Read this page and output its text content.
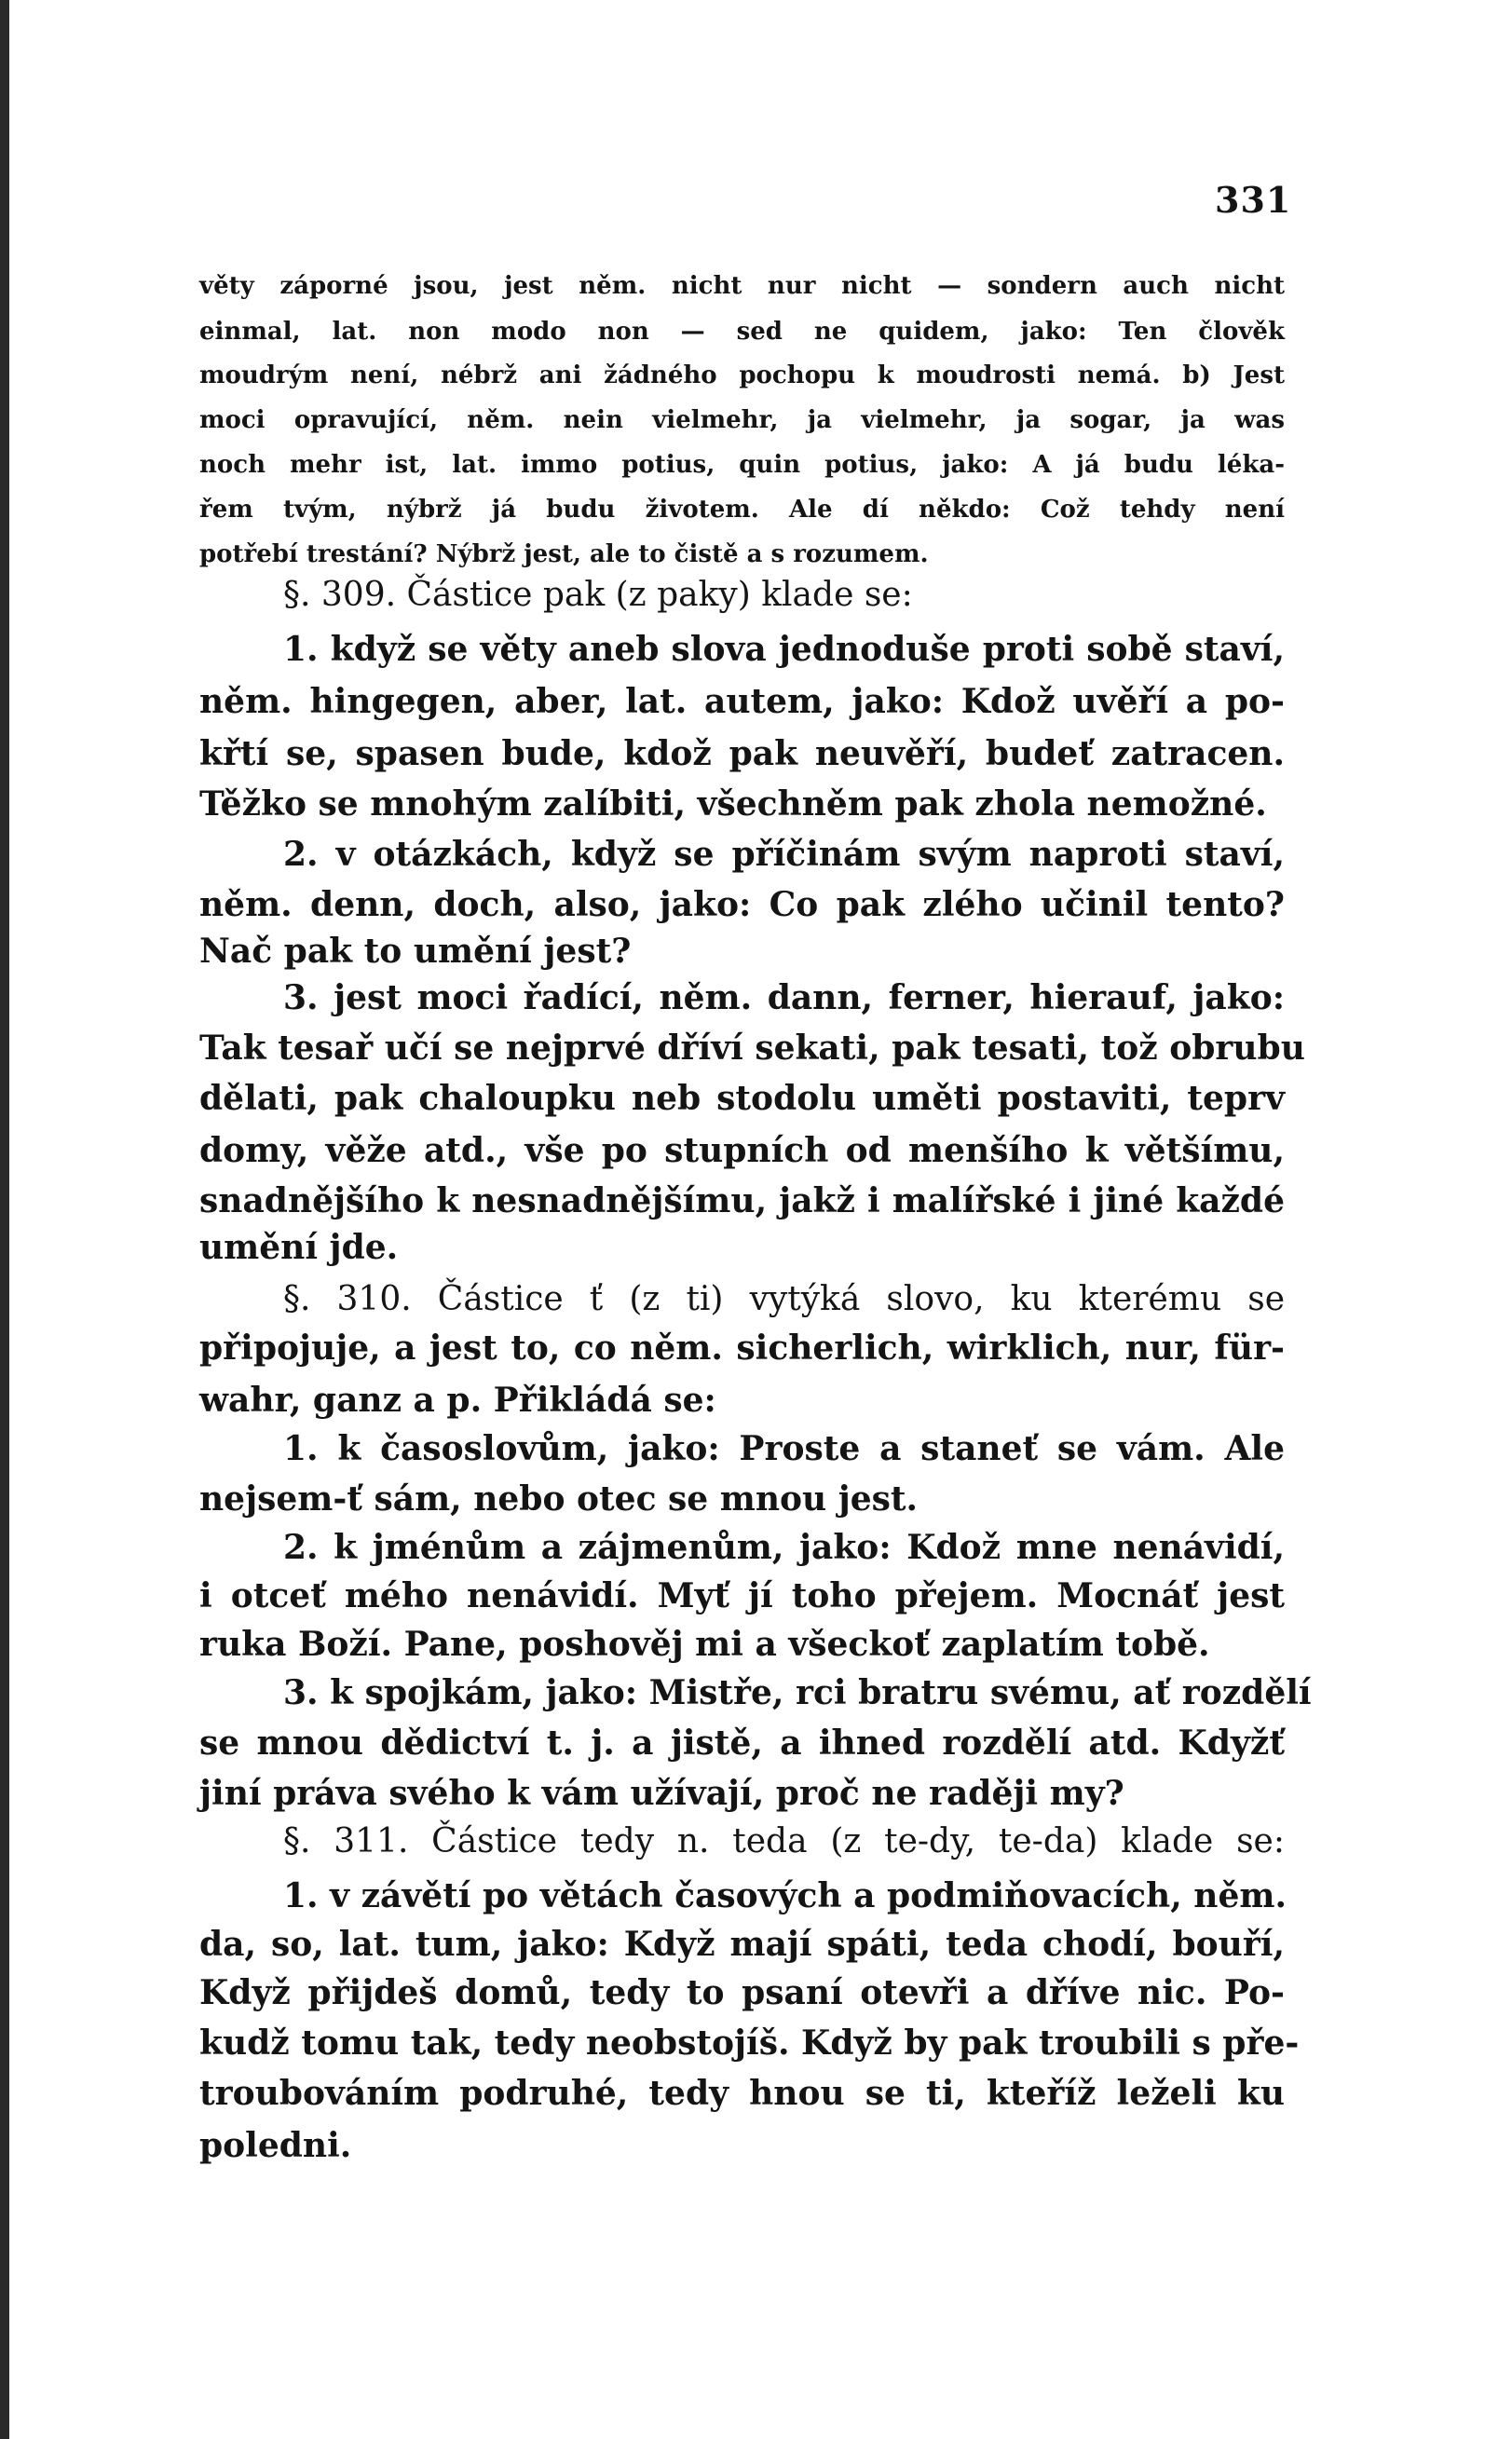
331
věty záporné jsou, jest něm. nicht nur nicht — sondern auch nicht
einmal, lat. non modo non — sed ne quidem, jako: Ten člověk
moudrým není, nébrž ani žádného pochopu k moudrosti nemá. b) Jest
moci opravující, něm. nein vielmehr, ja vielmehr, ja sogar, ja was
noch mehr ist, lat. immo potius, quin potius, jako: A já budu léka-
řem tvým, nýbrž já budu životem. Ale dí někdo: Což tehdy není
potřebí trestání? Nýbrž jest, ale to čistě a s rozumem.
§. 309. Částice pak (z paky) klade se:
1. když se věty aneb slova jednoduše proti sobě staví,
něm. hingegen, aber, lat. autem, jako: Kdož uvěří a po-
křtí se, spasen bude, kdož pak neuvěří, budeť zatracen.
Těžko se mnohým zalíbiti, všechněm pak zhola nemožné.
2. v otázkách, když se příčinám svým naproti staví,
něm. denn, doch, also, jako: Co pak zlého učinil tento?
Nač pak to umění jest?
3. jest moci řadící, něm. dann, ferner, hierauf, jako:
Tak tesař učí se nejprvé dříví sekati, pak tesati, tož obrubu
dělati, pak chaloupku neb stodolu uměti postaviti, teprv
domy, věže atd., vše po stupních od menšího k většímu,
snadnějšího k nesnadnějšímu, jakž i malířské i jiné každé
umění jde.
§. 310. Částice ť (z ti) vytýká slovo, ku kterému se
připojuje, a jest to, co něm. sicherlich, wirklich, nur, für-
wahr, ganz a p. Přikládá se:
1. k časoslovům, jako: Proste a staneť se vám. Ale
nejsem-ť sám, nebo otec se mnou jest.
2. k jménům a zájmenům, jako: Kdož mne nenávidí,
i otceť mého nenávidí. Myť jí toho přejem. Mocnáť jest
ruka Boží. Pane, poshověj mi a všeckoť zaplatím tobě.
3. k spojkám, jako: Mistře, rci bratru svému, ať rozdělí
se mnou dědictví t. j. a jistě, a ihned rozdělí atd. Kdyžť
jiní práva svého k vám užívají, proč ne raději my?
§. 311. Částice tedy n. teda (z te-dy, te-da) klade se:
1. v závětí po větách časových a podmiňovacích, něm.
da, so, lat. tum, jako: Když mají spáti, teda chodí, bouří,
Když přijdeš domů, tedy to psaní otevři a dříve nic. Po-
kudž tomu tak, tedy neobstojíš. Když by pak troubili s pře-
troubováním podruhé, tedy hnou se ti, kteříž leželi ku
poledni.
